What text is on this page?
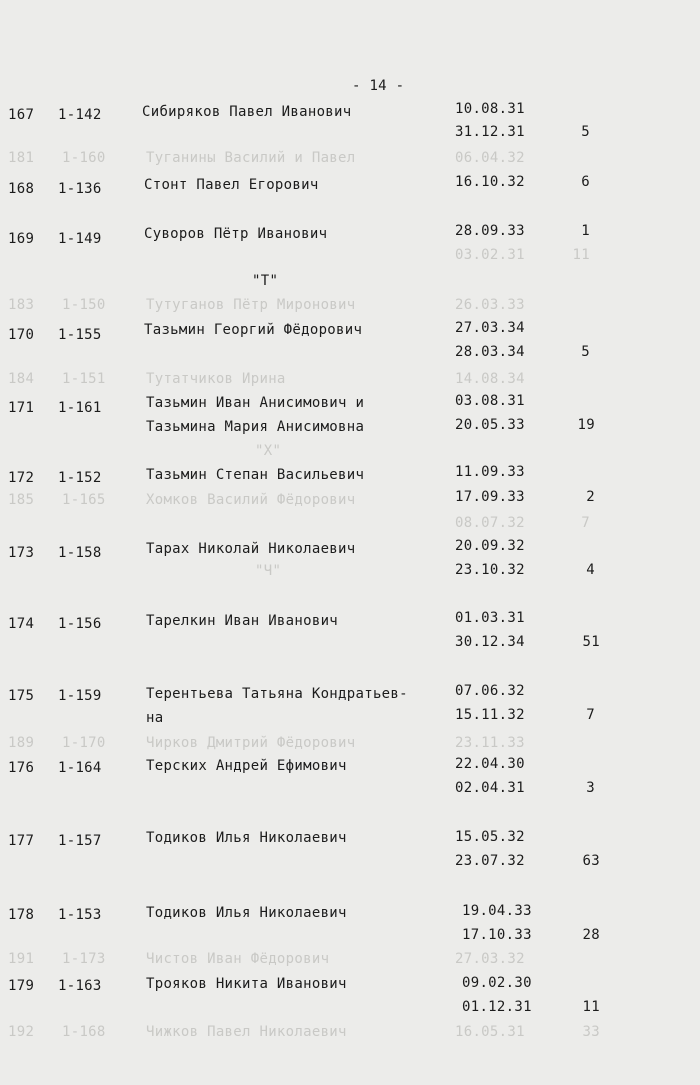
181 1-160	Туганины Василий и Павел	06.04.32
03.02.31	11
183 1-150	Тутуганов Пётр Миронович	26.03.33
184 1-151	Тутатчиков Ирина	14.08.34
"Х"
185 1-165	Хомков Василий Фёдорович
08.07.32	7
"Ч"
189 1-170	Чирков Дмитрий Фёдорович	23.11.33
191 1-173	Чистов Иван Фёдорович	27.03.32
192 1-168	Чижков Павел Николаевич	16.05.31	33
- 14 -
167 1-142	Сибиряков Павел Иванович	10.08.31
31.12.31	5
168 1-136	Стонт Павел Егорович	16.10.32	6
169 1-149	Суворов Пётр Иванович	28.09.33	1
"Т"
170 1-155	Тазьмин Георгий Фёдорович	27.03.34
28.03.34	5
171 1-161	Тазьмин Иван Анисимович и
Тазьмина Мария Анисимовна
03.08.31
20.05.33	19
172 1-152	Тазьмин Степан Васильевич	11.09.33
17.09.33	2
173 1-158	Тарах Николай Николаевич	20.09.32
23.10.32	4
174 1-156	Тарелкин Иван Иванович	01.03.31
30.12.34	51
175 1-159	Терентьева Татьяна Кондратьев-
на
07.06.32
15.11.32	7
176 1-164	Терских Андрей Ефимович	22.04.30
02.04.31	3
177 1-157	Тодиков Илья Николаевич	15.05.32
23.07.32	63
178 1-153	Тодиков Илья Николаевич	19.04.33
17.10.33	28
179 1-163	Трояков Никита Иванович	09.02.30
01.12.31	11
